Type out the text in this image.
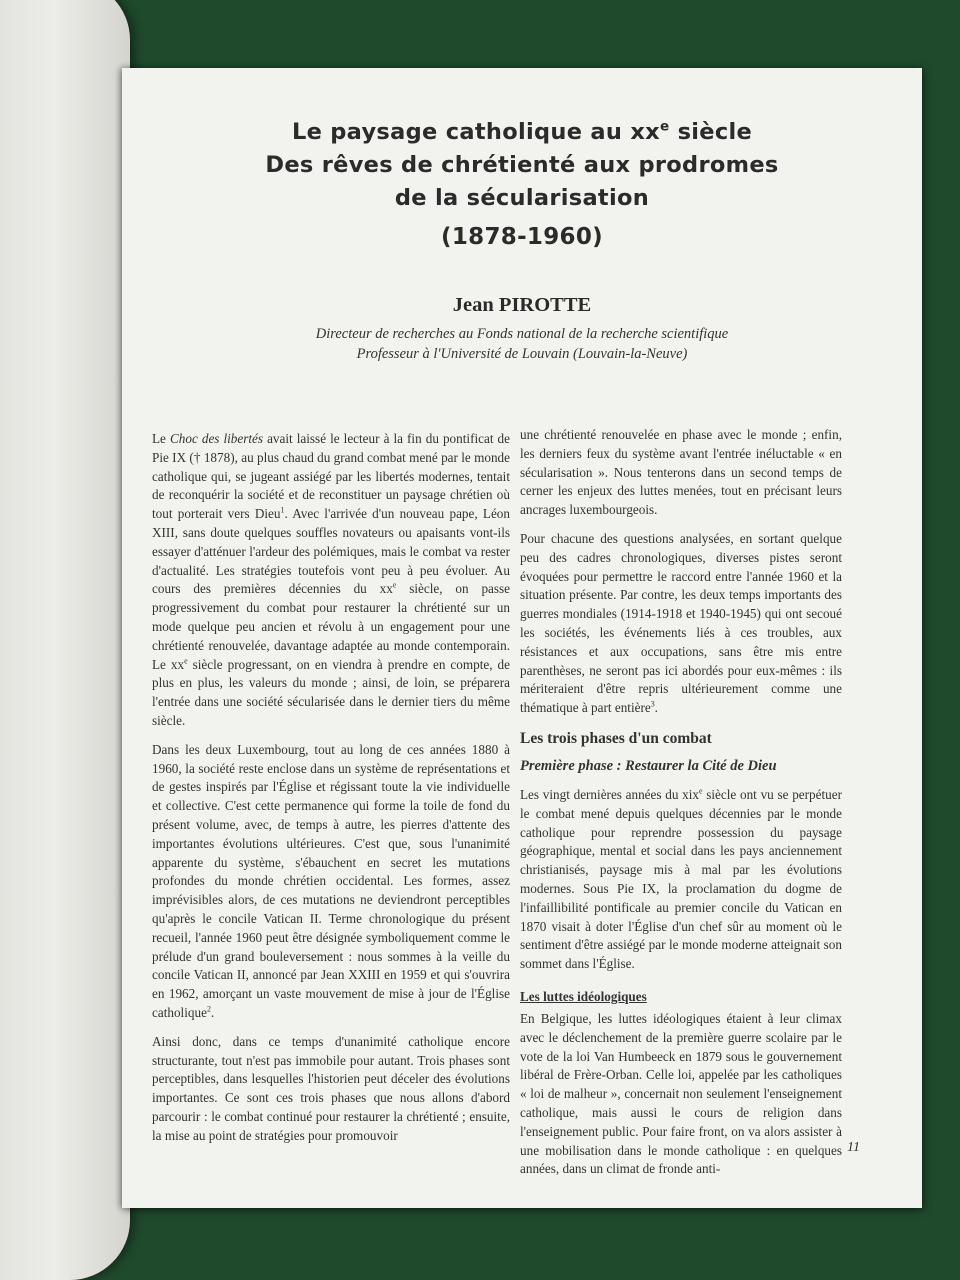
Le paysage catholique au $xx^e$ siècle

Des rêves de chrétienté aux prodromes

de la sécularisation

(1878-1960)

Jean PIROTTE
Directeur de recherches au Fonds national de la recherche scientifique
Professeur à l'Université de Louvain (Louvain-la-Neuve)

Le Choc des libertés avait laissé le lecteur à la fin du pontificat de Pie IX († 1878), au plus chaud du grand combat mené par le monde catholique qui, se jugeant assiégé par les libertés modernes, tentait de reconquérir la société et de reconstituer un paysage chrétien où tout porterait vers Dieu$^1$. Avec l'arrivée d'un nouveau pape, Léon XIII, sans doute quelques souffles novateurs ou apaisants vont-ils essayer d'atténuer l'ardeur des polémiques, mais le combat va rester d'actualité. Les stratégies toutefois vont peu à peu évoluer. Au cours des premières décennies du $xx^e$ siècle, on passe progressivement du combat pour restaurer la chrétienté sur un mode quelque peu ancien et révolu à un engagement pour une chrétienté renouvelée, davantage adaptée au monde contemporain. Le $xx^e$ siècle progressant, on en viendra à prendre en compte, de plus en plus, les valeurs du monde ; ainsi, de loin, se préparera l'entrée dans une société sécularisée dans le dernier tiers du même siècle.

Dans les deux Luxembourg, tout au long de ces années 1880 à 1960, la société reste enclose dans un système de représentations et de gestes inspirés par l'Église et régissant toute la vie individuelle et collective. C'est cette permanence qui forme la toile de fond du présent volume, avec, de temps à autre, les pierres d'attente des importantes évolutions ultérieures. C'est que, sous l'unanimité apparente du système, s'ébauchent en secret les mutations profondes du monde chrétien occidental. Les formes, assez imprévisibles alors, de ces mutations ne deviendront perceptibles qu'après le concile Vatican II. Terme chronologique du présent recueil, l'année 1960 peut être désignée symboliquement comme le prélude d'un grand bouleversement : nous sommes à la veille du concile Vatican II, annoncé par Jean XXIII en 1959 et qui s'ouvrira en 1962, amorçant un vaste mouvement de mise à jour de l'Église catholique$^2$.

Ainsi donc, dans ce temps d'unanimité catholique encore structurante, tout n'est pas immobile pour autant. Trois phases sont perceptibles, dans lesquelles l'historien peut déceler des évolutions importantes. Ce sont ces trois phases que nous allons d'abord parcourir : le combat continué pour restaurer la chrétienté ; ensuite, la mise au point de stratégies pour promouvoir

une chrétienté renouvelée en phase avec le monde ; enfin, les derniers feux du système avant l'entrée inéluctable « en sécularisation ». Nous tenterons dans un second temps de cerner les enjeux des luttes menées, tout en précisant leurs ancrages luxembourgeois.

Pour chacune des questions analysées, en sortant quelque peu des cadres chronologiques, diverses pistes seront évoquées pour permettre le raccord entre l'année 1960 et la situation présente. Par contre, les deux temps importants des guerres mondiales (1914-1918 et 1940-1945) qui ont secoué les sociétés, les événements liés à ces troubles, aux résistances et aux occupations, sans être mis entre parenthèses, ne seront pas ici abordés pour eux-mêmes : ils mériteraient d'être repris ultérieurement comme une thématique à part entière$^3$.

Les trois phases d'un combat
Première phase : Restaurer la Cité de Dieu

Les vingt dernières années du xix$^e$ siècle ont vu se perpétuer le combat mené depuis quelques décennies par le monde catholique pour reprendre possession du paysage géographique, mental et social dans les pays anciennement christianisés, paysage mis à mal par les évolutions modernes. Sous Pie IX, la proclamation du dogme de l'infaillibilité pontificale au premier concile du Vatican en 1870 visait à doter l'Église d'un chef sûr au moment où le sentiment d'être assiégé par le monde moderne atteignait son sommet dans l'Église.

Les luttes idéologiques

En Belgique, les luttes idéologiques étaient à leur climax avec le déclenchement de la première guerre scolaire par le vote de la loi Van Humbeeck en 1879 sous le gouvernement libéral de Frère-Orban. Celle loi, appelée par les catholiques « loi de malheur », concernait non seulement l'enseignement catholique, mais aussi le cours de religion dans l'enseignement public. Pour faire front, on va alors assister à une mobilisation dans le monde catholique : en quelques années, dans un climat de fronde anti-

11
